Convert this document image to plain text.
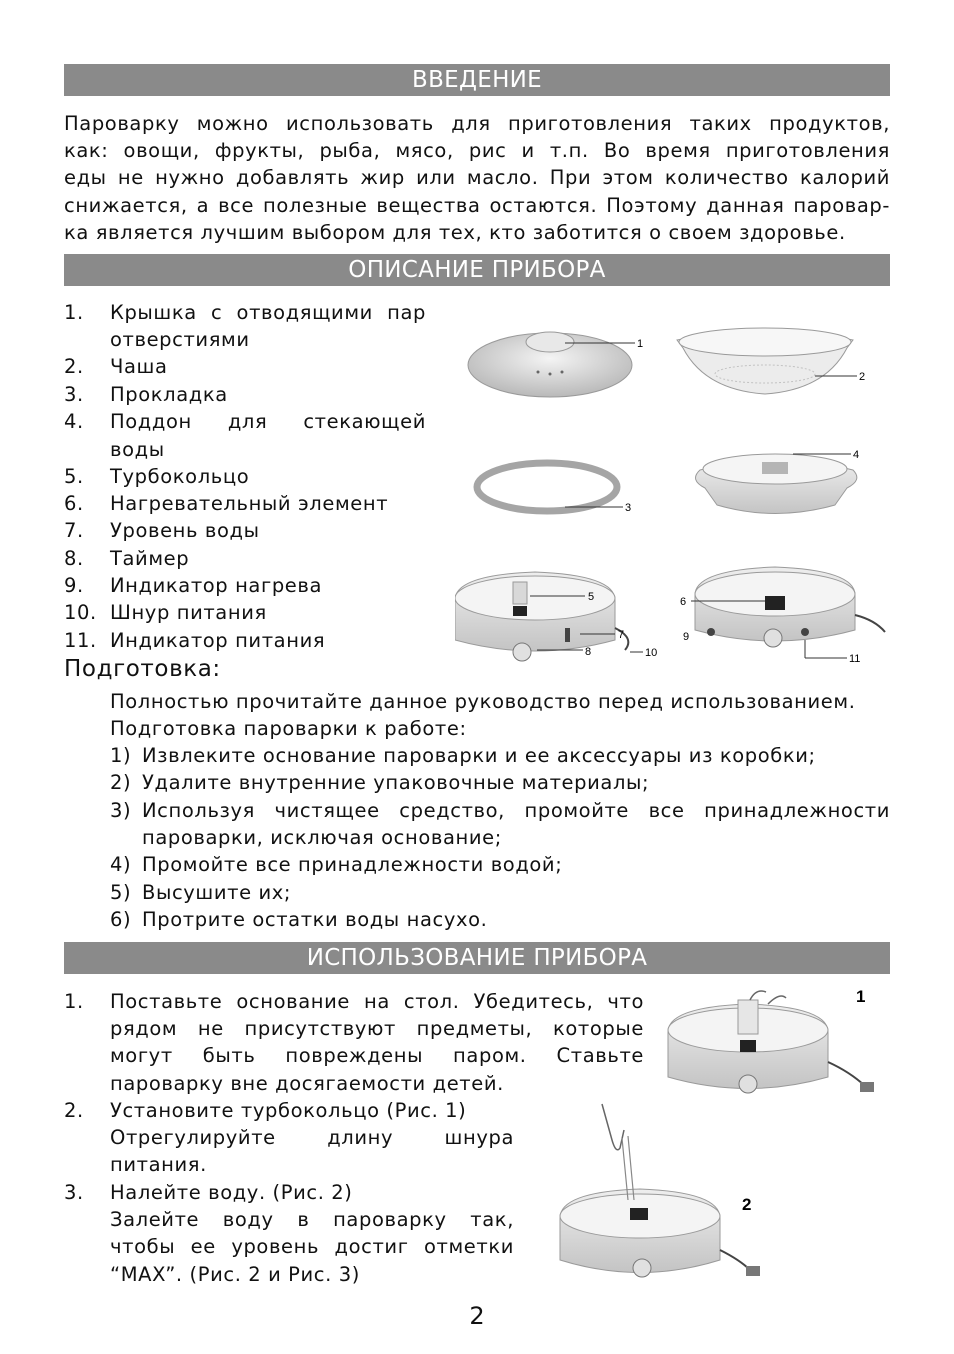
ВВЕДЕНИЕ
Пароварку можно использовать для приготовления таких продуктов,
как: овощи, фрукты, рыба, мясо, рис и т.п. Во время приготовления
еды не нужно добавлять жир или масло. При этом количество калорий
снижается, а все полезные вещества остаются. Поэтому данная паровар-
ка является лучшим выбором для тех, кто заботится о своем здоровье.
ОПИСАНИЕ ПРИБОРА
1. Крышка с отводящими пар
отверстиями
2. Чаша
3. Прокладка
4. Поддон для стекающей
воды
5. Турбокольцо
6. Нагревательный элемент
7. Уровень воды
8. Таймер
9. Индикатор нагрева
10. Шнур питания
11. Индикатор питания
1
2
3
4
5
7
8	10
6
9
11
Подготовка:
Полностью прочитайте данное руководство перед использованием.
Подготовка пароварки к работе:
1) Извлеките основание пароварки и ее аксессуары из коробки;
2) Удалите внутренние упаковочные материалы;
3) Используя чистящее средство, промойте все принадлежности
пароварки, исключая основание;
4) Промойте все принадлежности водой;
5) Высушите их;
6) Протрите остатки воды насухо.
ИСПОЛЬЗОВАНИЕ ПРИБОРА
1. Поставьте основание на стол. Убедитесь, что
рядом не присутствуют предметы, которые
могут быть повреждены паром. Ставьте
пароварку вне досягаемости детей.
2. Установите турбокольцо (Рис. 1)
Отрегулируйте длину шнура
питания.
3. Налейте воду. (Рис. 2)
Залейте воду в пароварку так,
чтобы ее уровень достиг отметки
“MAX”. (Рис. 2 и Рис. 3)
1
2
2
